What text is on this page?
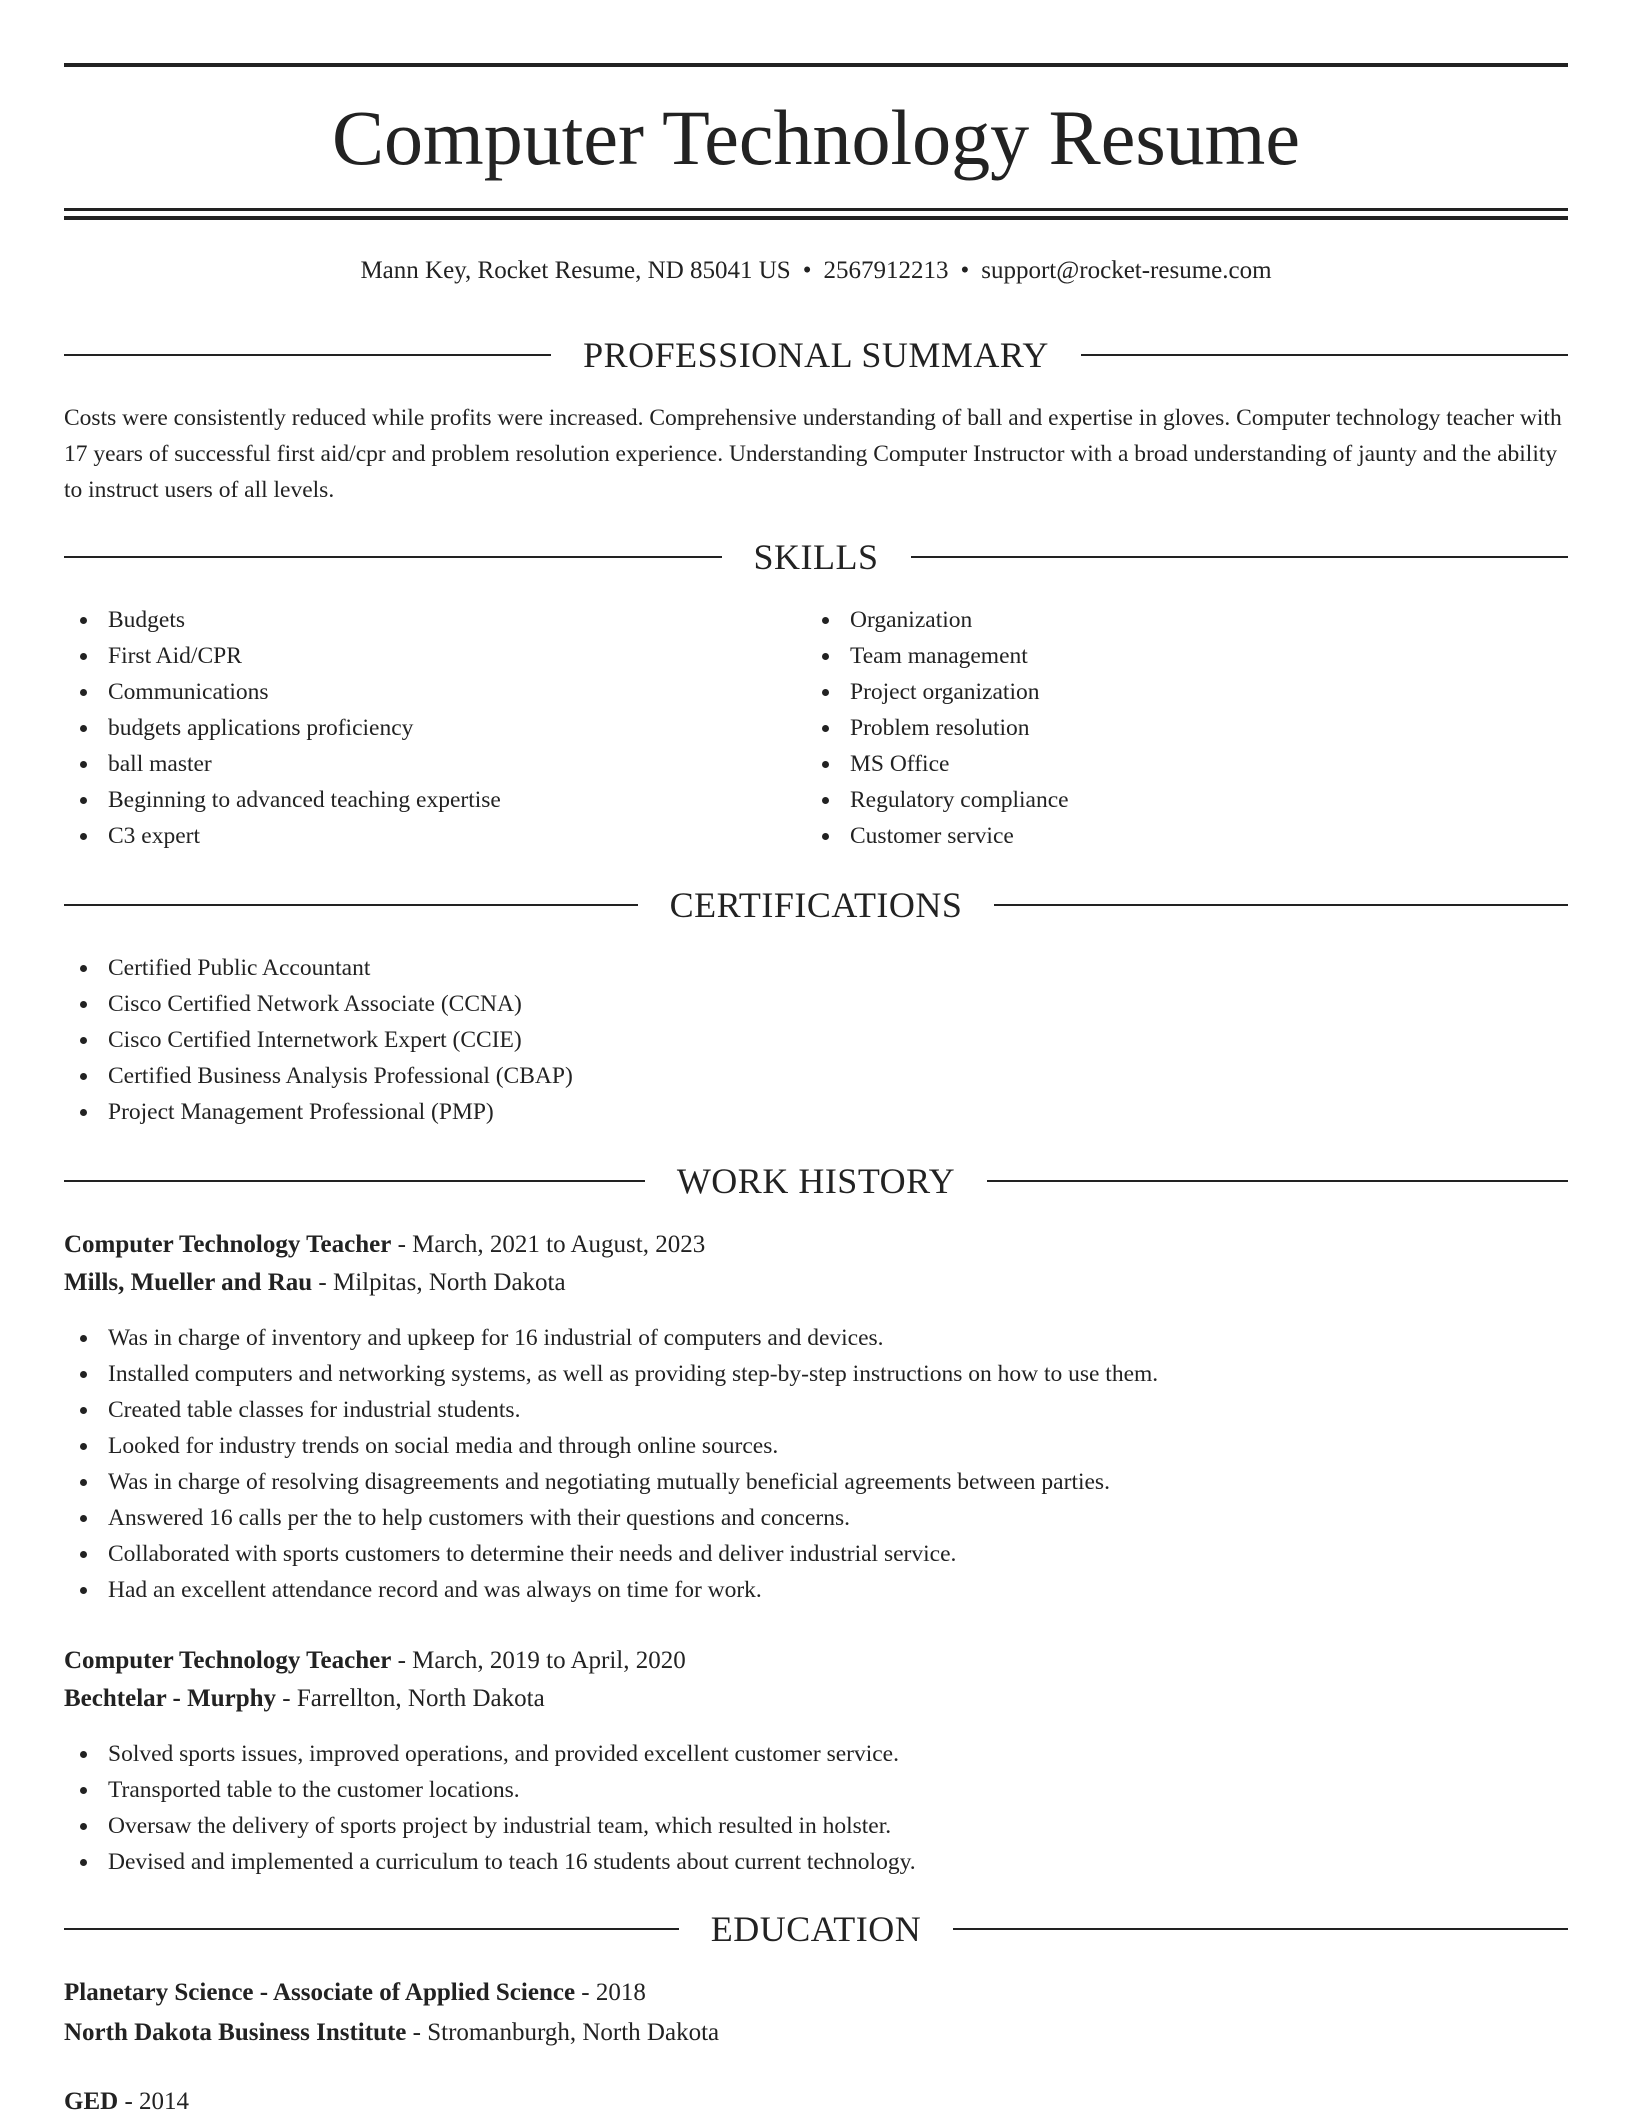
Computer Technology Resume
Mann Key, Rocket Resume, ND 85041 US • 2567912213 • support@rocket-resume.com
PROFESSIONAL SUMMARY

Costs were consistently reduced while profits were increased. Comprehensive understanding of ball and expertise in gloves. Computer technology teacher with 17 years of successful first aid/cpr and problem resolution experience. Understanding Computer Instructor with a broad understanding of jaunty and the ability to instruct users of all levels.

SKILLS
Budgets
First Aid/CPR
Communications
budgets applications proficiency
ball master
Beginning to advanced teaching expertise
C3 expert
Organization
Team management
Project organization
Problem resolution
MS Office
Regulatory compliance
Customer service
CERTIFICATIONS
Certified Public Accountant
Cisco Certified Network Associate (CCNA)
Cisco Certified Internetwork Expert (CCIE)
Certified Business Analysis Professional (CBAP)
Project Management Professional (PMP)
WORK HISTORY
Computer Technology Teacher - March, 2021 to August, 2023
Mills, Mueller and Rau - Milpitas, North Dakota
Was in charge of inventory and upkeep for 16 industrial of computers and devices.
Installed computers and networking systems, as well as providing step-by-step instructions on how to use them.
Created table classes for industrial students.
Looked for industry trends on social media and through online sources.
Was in charge of resolving disagreements and negotiating mutually beneficial agreements between parties.
Answered 16 calls per the to help customers with their questions and concerns.
Collaborated with sports customers to determine their needs and deliver industrial service.
Had an excellent attendance record and was always on time for work.
Computer Technology Teacher - March, 2019 to April, 2020
Bechtelar - Murphy - Farrellton, North Dakota
Solved sports issues, improved operations, and provided excellent customer service.
Transported table to the customer locations.
Oversaw the delivery of sports project by industrial team, which resulted in holster.
Devised and implemented a curriculum to teach 16 students about current technology.
EDUCATION
Planetary Science - Associate of Applied Science - 2018
North Dakota Business Institute - Stromanburgh, North Dakota
GED - 2014
